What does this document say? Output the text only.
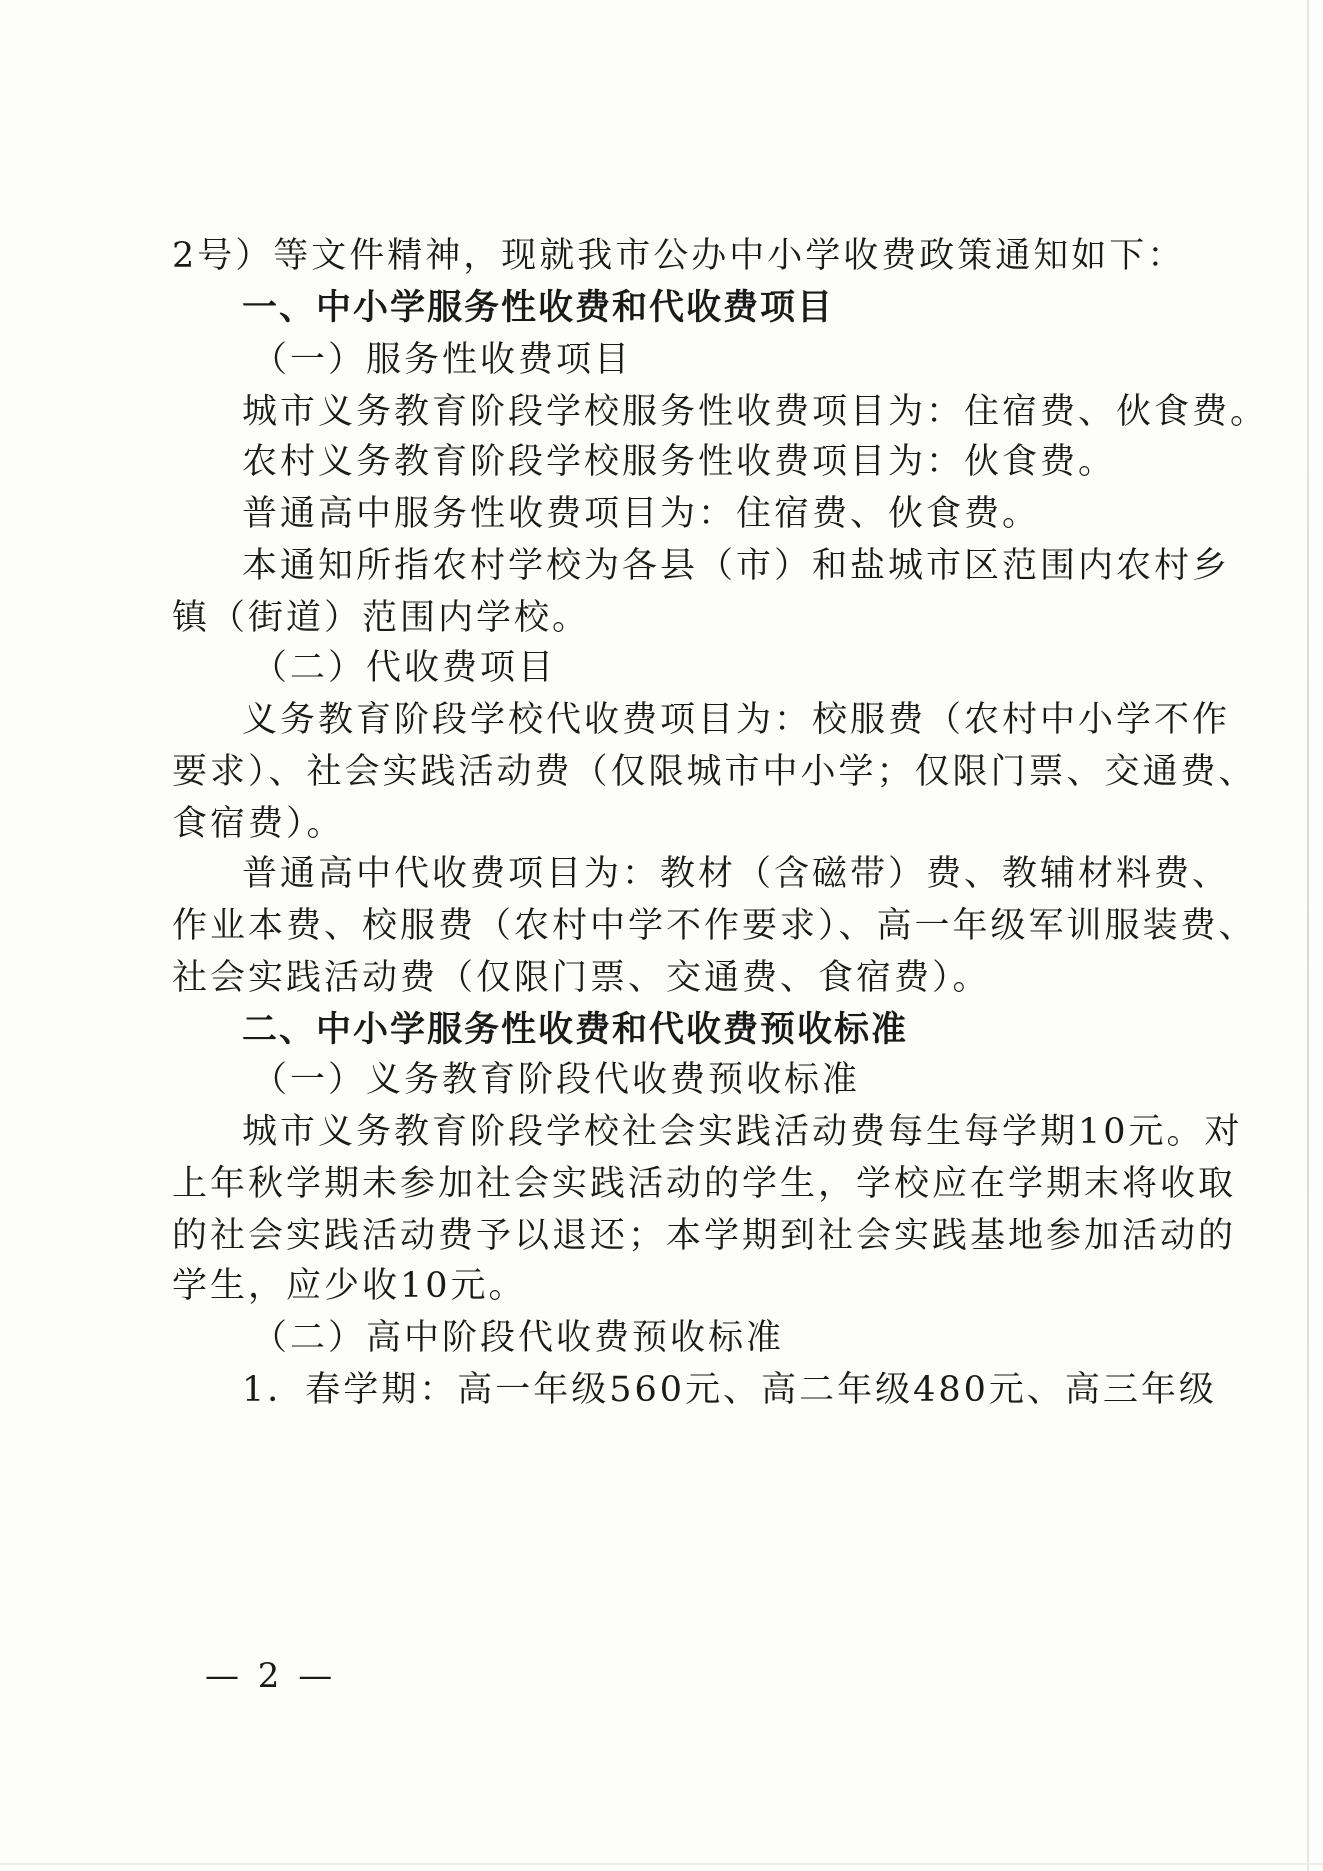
2号）等文件精神，现就我市公办中小学收费政策通知如下：
一、中小学服务性收费和代收费项目
（一）服务性收费项目
城市义务教育阶段学校服务性收费项目为：住宿费、伙食费。
农村义务教育阶段学校服务性收费项目为：伙食费。
普通高中服务性收费项目为：住宿费、伙食费。
本通知所指农村学校为各县（市）和盐城市区范围内农村乡
镇（街道）范围内学校。
（二）代收费项目
义务教育阶段学校代收费项目为：校服费（农村中小学不作
要求）、社会实践活动费（仅限城市中小学；仅限门票、交通费、
食宿费）。
普通高中代收费项目为：教材（含磁带）费、教辅材料费、
作业本费、校服费（农村中学不作要求）、高一年级军训服装费、
社会实践活动费（仅限门票、交通费、食宿费）。
二、中小学服务性收费和代收费预收标准
（一）义务教育阶段代收费预收标准
城市义务教育阶段学校社会实践活动费每生每学期10元。对
上年秋学期未参加社会实践活动的学生，学校应在学期末将收取
的社会实践活动费予以退还；本学期到社会实践基地参加活动的
学生，应少收10元。
（二）高中阶段代收费预收标准
1．春学期：高一年级560元、高二年级480元、高三年级
— 2 —
